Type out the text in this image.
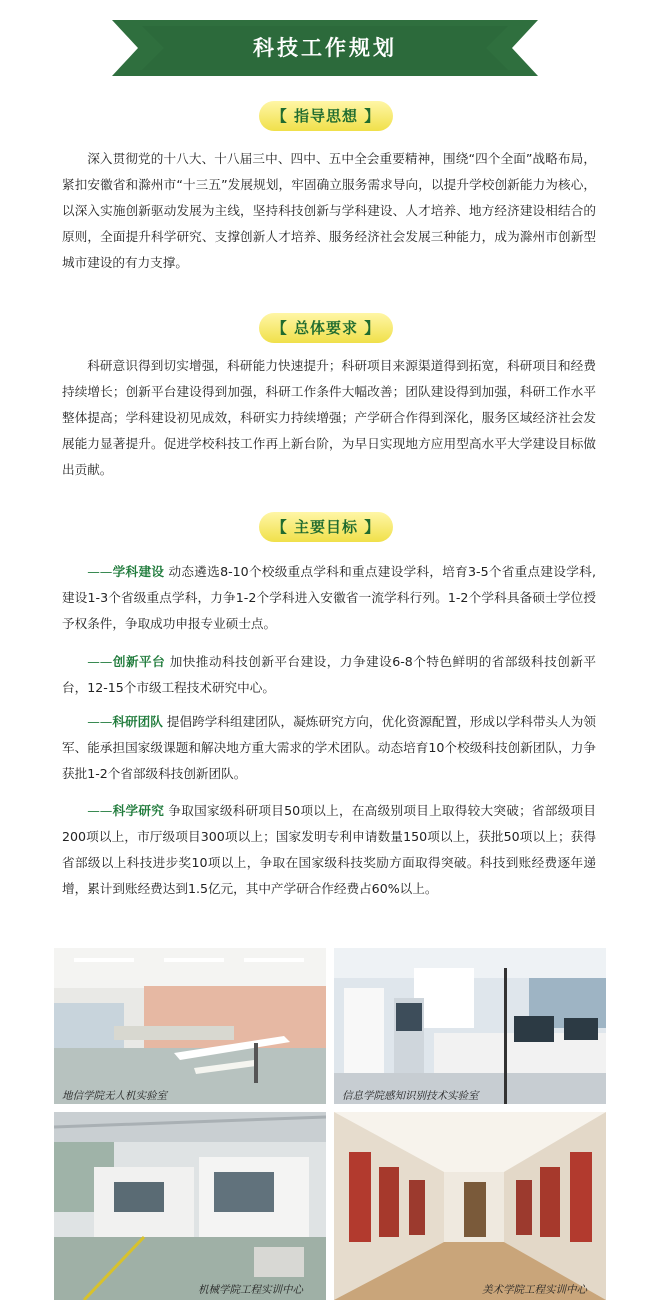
科技工作规划
【 指导思想 】

深入贯彻党的十八大、十八届三中、四中、五中全会重要精神，围绕“四个全面”战略布局，紧扣安徽省和滁州市“十三五”发展规划，牢固确立服务需求导向，以提升学校创新能力为核心，以深入实施创新驱动发展为主线，坚持科技创新与学科建设、人才培养、地方经济建设相结合的原则，全面提升科学研究、支撑创新人才培养、服务经济社会发展三种能力，成为滁州市创新型城市建设的有力支撑。

【 总体要求 】

科研意识得到切实增强，科研能力快速提升；科研项目来源渠道得到拓宽，科研项目和经费持续增长；创新平台建设得到加强，科研工作条件大幅改善；团队建设得到加强，科研工作水平整体提高；学科建设初见成效，科研实力持续增强；产学研合作得到深化，服务区域经济社会发展能力显著提升。促进学校科技工作再上新台阶，为早日实现地方应用型高水平大学建设目标做出贡献。

【 主要目标 】

——学科建设 动态遴选8-10个校级重点学科和重点建设学科，培育3-5个省重点建设学科,建设1-3个省级重点学科，力争1-2个学科进入安徽省一流学科行列。1-2个学科具备硕士学位授予权条件，争取成功申报专业硕士点。

——创新平台 加快推动科技创新平台建设，力争建设6-8个特色鲜明的省部级科技创新平台，12-15个市级工程技术研究中心。

——科研团队 提倡跨学科组建团队，凝炼研究方向，优化资源配置，形成以学科带头人为领军、能承担国家级课题和解决地方重大需求的学术团队。动态培育10个校级科技创新团队，力争获批1-2个省部级科技创新团队。

——科学研究 争取国家级科研项目50项以上，在高级别项目上取得较大突破；省部级项目200项以上，市厅级项目300项以上；国家发明专利申请数量150项以上，获批50项以上；获得省部级以上科技进步奖10项以上，争取在国家级科技奖励方面取得突破。科技到账经费逐年递增，累计到账经费达到1.5亿元，其中产学研合作经费占60%以上。

地信学院无人机实验室	信息学院感知识别技术实验室
机械学院工程实训中心	美术学院工程实训中心
